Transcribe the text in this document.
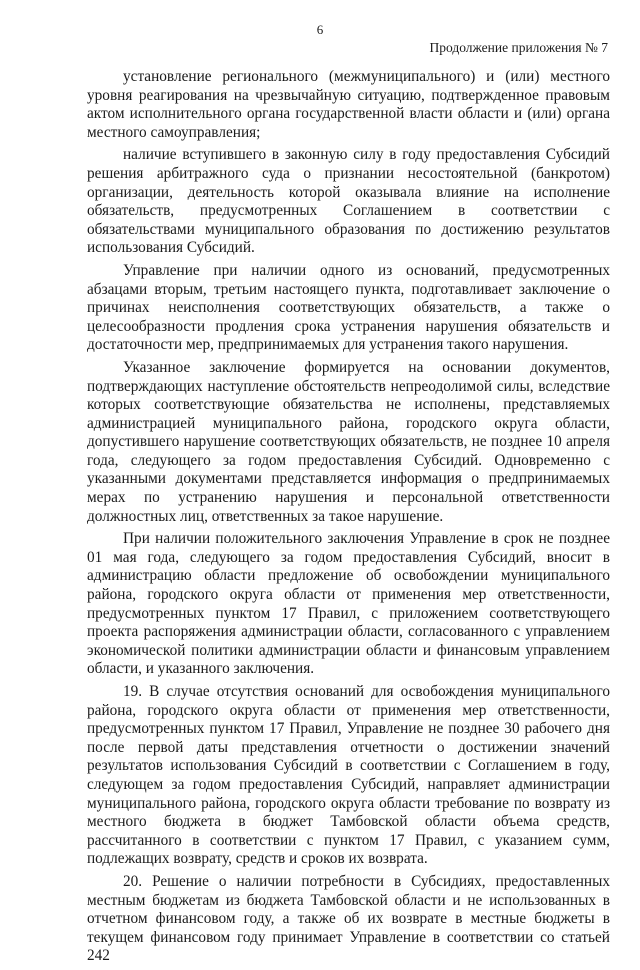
6
Продолжение приложения № 7

установление регионального (межмуниципального) и (или) местного уровня реагирования на чрезвычайную ситуацию, подтвержденное правовым актом исполнительного органа государственной власти области и (или) органа местного самоуправления;

наличие вступившего в законную силу в году предоставления Субсидий решения арбитражного суда о признании несостоятельной (банкротом) организации, деятельность которой оказывала влияние на исполнение обязательств, предусмотренных Соглашением в соответствии с обязательствами муниципального образования по достижению результатов использования Субсидий.

Управление при наличии одного из оснований, предусмотренных абзацами вторым, третьим настоящего пункта, подготавливает заключение о причинах неисполнения соответствующих обязательств, а также о целесообразности продления срока устранения нарушения обязательств и достаточности мер, предпринимаемых для устранения такого нарушения.

Указанное заключение формируется на основании документов, подтверждающих наступление обстоятельств непреодолимой силы, вследствие которых соответствующие обязательства не исполнены, представляемых администрацией муниципального района, городского округа области, допустившего нарушение соответствующих обязательств, не позднее 10 апреля года, следующего за годом предоставления Субсидий. Одновременно с указанными документами представляется информация о предпринимаемых мерах по устранению нарушения и персональной ответственности должностных лиц, ответственных за такое нарушение.

При наличии положительного заключения Управление в срок не позднее 01 мая года, следующего за годом предоставления Субсидий, вносит в администрацию области предложение об освобождении муниципального района, городского округа области от применения мер ответственности, предусмотренных пунктом 17 Правил, с приложением соответствующего проекта распоряжения администрации области, согласованного с управлением экономической политики администрации области и финансовым управлением области, и указанного заключения.

19. В случае отсутствия оснований для освобождения муниципального района, городского округа области от применения мер ответственности, предусмотренных пунктом 17 Правил, Управление не позднее 30 рабочего дня после первой даты представления отчетности о достижении значений результатов использования Субсидий в соответствии с Соглашением в году, следующем за годом предоставления Субсидий, направляет администрации муниципального района, городского округа области требование по возврату из местного бюджета в бюджет Тамбовской области объема средств, рассчитанного в соответствии с пунктом 17 Правил, с указанием сумм, подлежащих возврату, средств и сроков их возврата.

20. Решение о наличии потребности в Субсидиях, предоставленных местным бюджетам из бюджета Тамбовской области и не использованных в отчетном финансовом году, а также об их возврате в местные бюджеты в текущем финансовом году принимает Управление в соответствии со статьей 242
